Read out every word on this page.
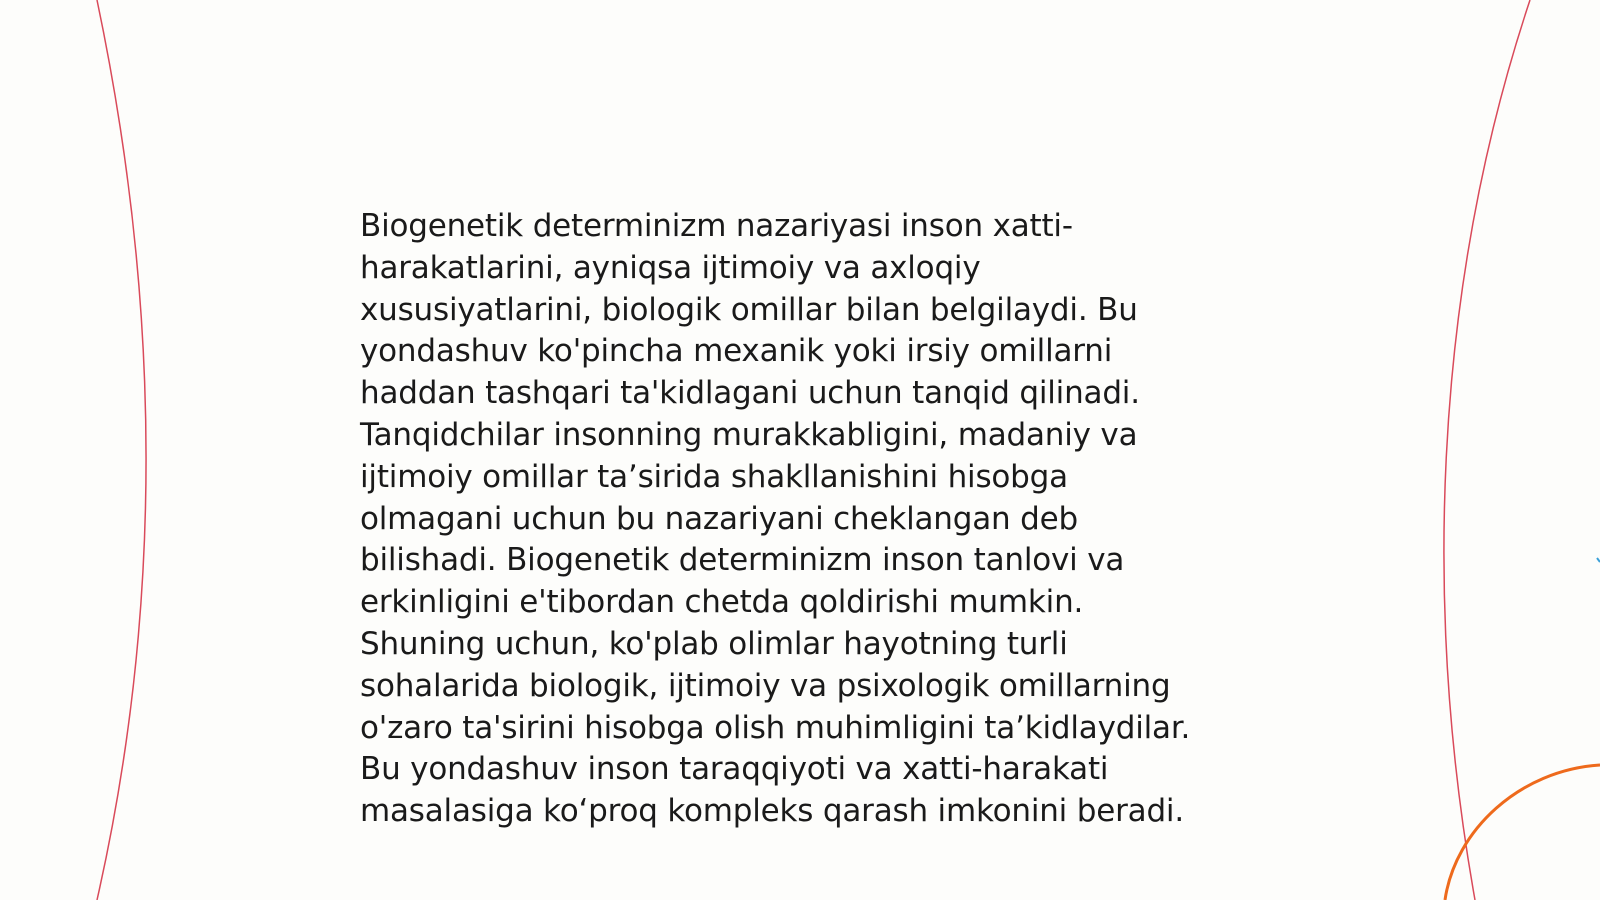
Biogenetik determinizm nazariyasi inson xatti-
harakatlarini, ayniqsa ijtimoiy va axloqiy
xususiyatlarini, biologik omillar bilan belgilaydi. Bu
yondashuv ko'pincha mexanik yoki irsiy omillarni
haddan tashqari ta'kidlagani uchun tanqid qilinadi.
Tanqidchilar insonning murakkabligini, madaniy va
ijtimoiy omillar ta’sirida shakllanishini hisobga
olmagani uchun bu nazariyani cheklangan deb
bilishadi. Biogenetik determinizm inson tanlovi va
erkinligini e'tibordan chetda qoldirishi mumkin.
Shuning uchun, ko'plab olimlar hayotning turli
sohalarida biologik, ijtimoiy va psixologik omillarning
o'zaro ta'sirini hisobga olish muhimligini ta’kidlaydilar.
Bu yondashuv inson taraqqiyoti va xatti-harakati
masalasiga ko‘proq kompleks qarash imkonini beradi.
